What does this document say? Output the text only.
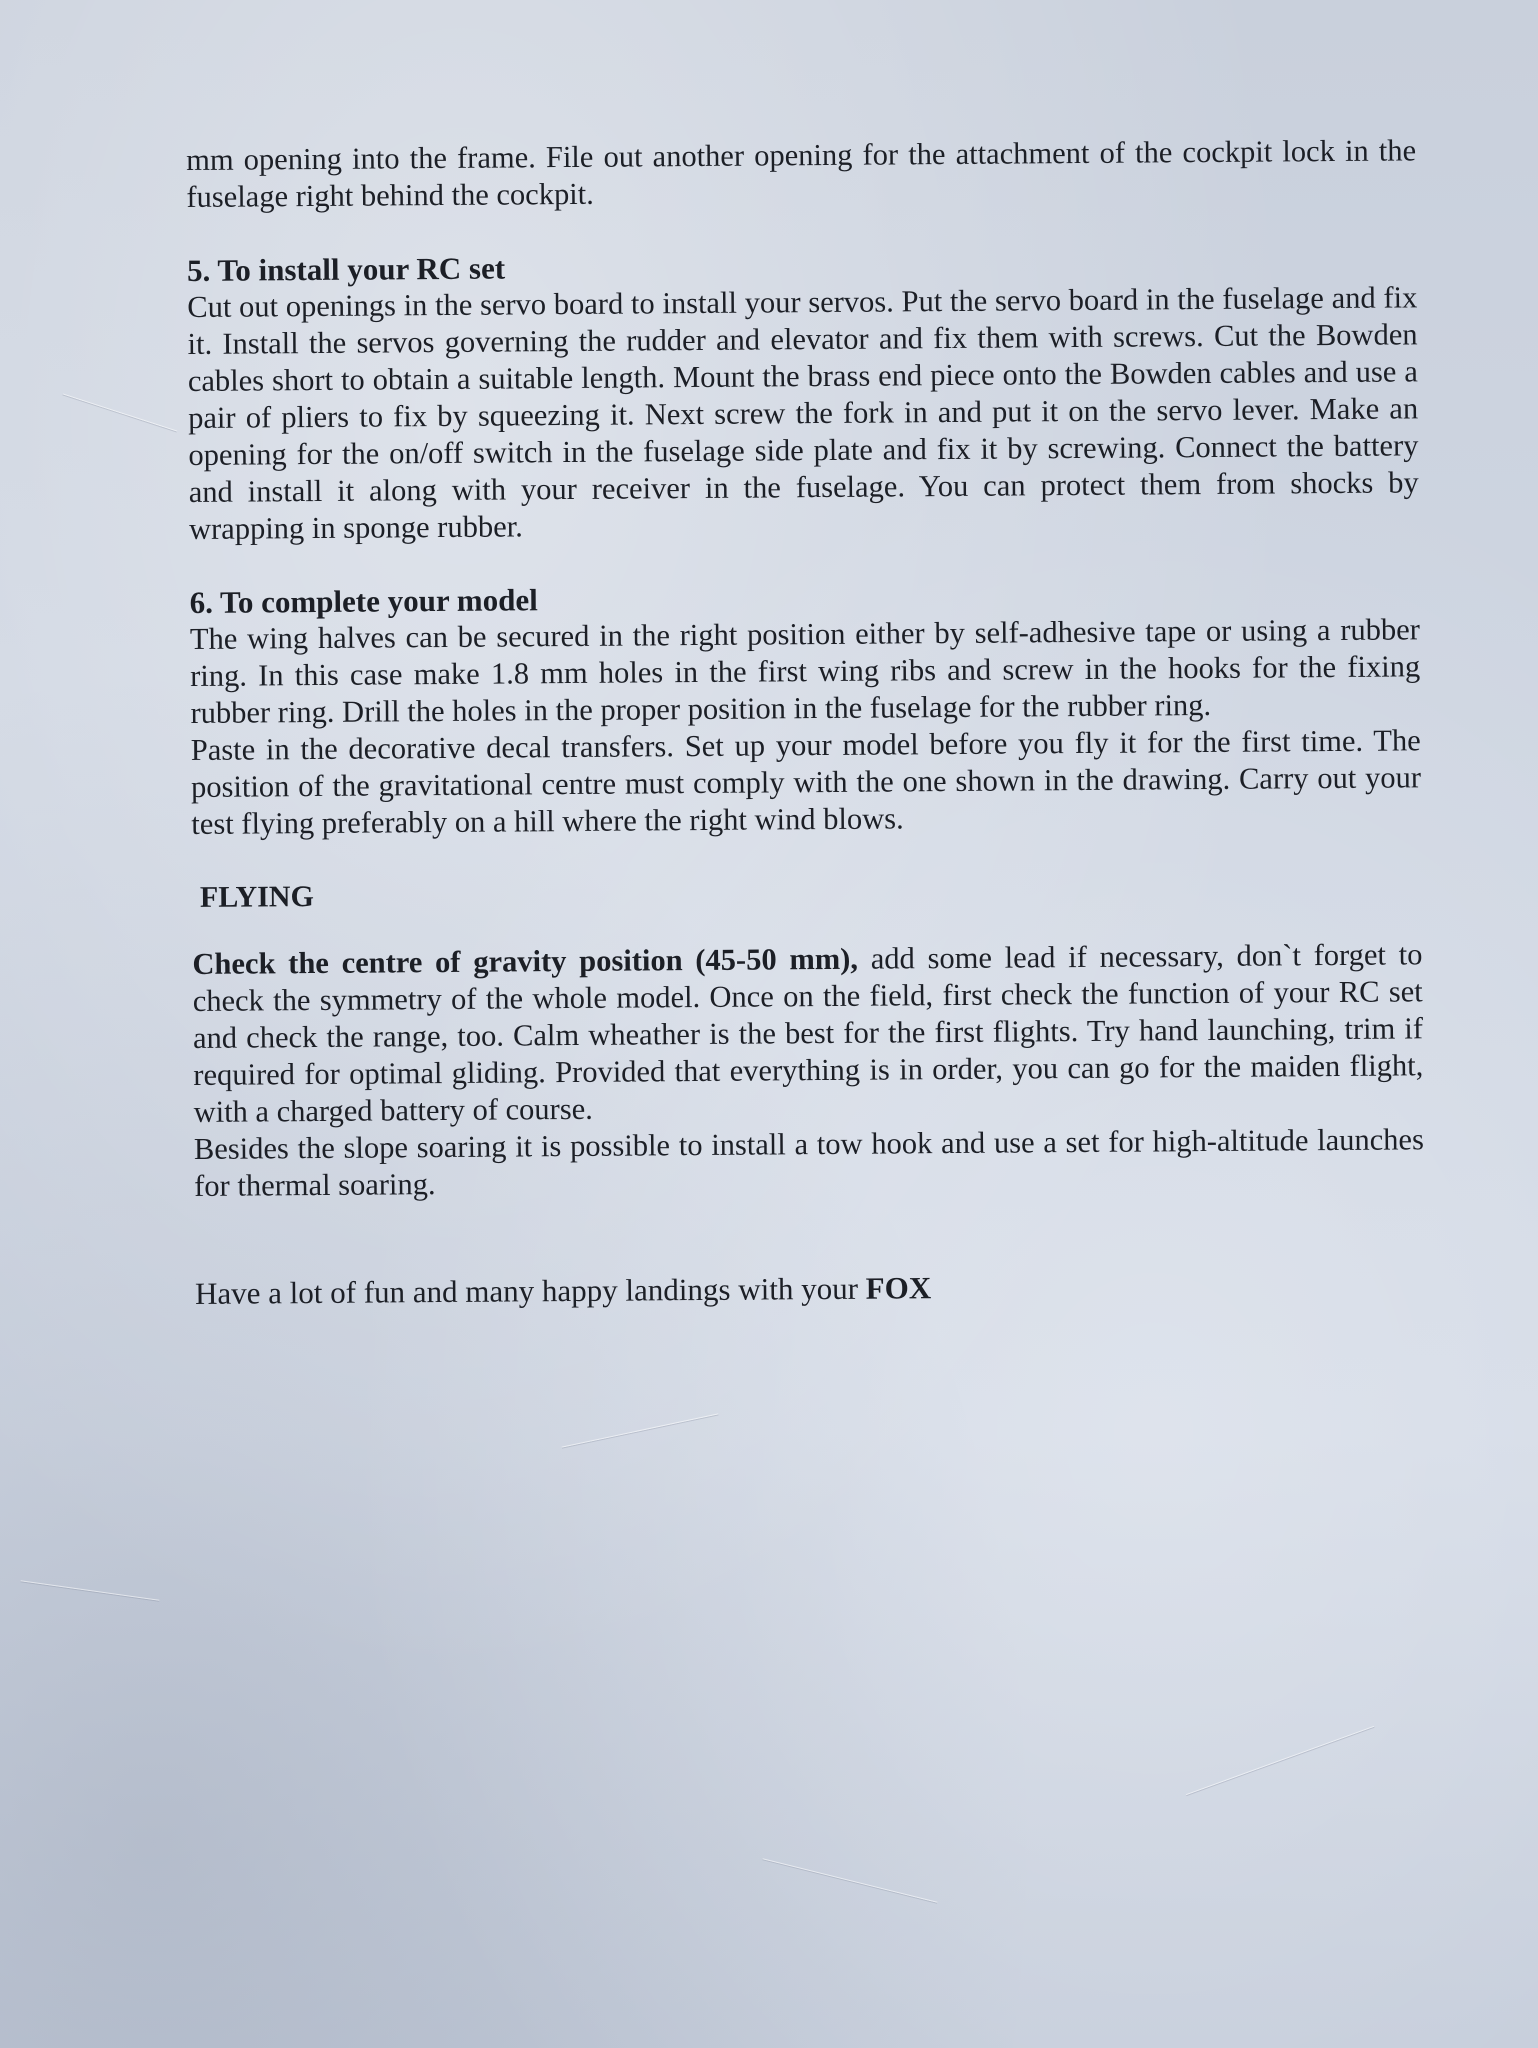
mm opening into the frame. File out another opening for the attachment of the cockpit lock in the fuselage right behind the cockpit.

5. To install your RC set

Cut out openings in the servo board to install your servos. Put the servo board in the fuselage and fix it. Install the servos governing the rudder and elevator and fix them with screws. Cut the Bowden cables short to obtain a suitable length. Mount the brass end piece onto the Bowden cables and use a pair of pliers to fix by squeezing it. Next screw the fork in and put it on the servo lever. Make an opening for the on/off switch in the fuselage side plate and fix it by screwing. Connect the battery and install it along with your receiver in the fuselage. You can protect them from shocks by wrapping in sponge rubber.

6. To complete your model

The wing halves can be secured in the right position either by self-adhesive tape or using a rubber ring. In this case make 1.8 mm holes in the first wing ribs and screw in the hooks for the fixing rubber ring. Drill the holes in the proper position in the fuselage for the rubber ring.

Paste in the decorative decal transfers. Set up your model before you fly it for the first time. The position of the gravitational centre must comply with the one shown in the drawing. Carry out your test flying preferably on a hill where the right wind blows.

FLYING

Check the centre of gravity position (45-50 mm), add some lead if necessary, don`t forget to check the symmetry of the whole model. Once on the field, first check the function of your RC set and check the range, too. Calm wheather is the best for the first flights. Try hand launching, trim if required for optimal gliding. Provided that everything is in order, you can go for the maiden flight, with a charged battery of course.

Besides the slope soaring it is possible to install a tow hook and use a set for high-altitude launches for thermal soaring.

Have a lot of fun and many happy landings with your FOX
